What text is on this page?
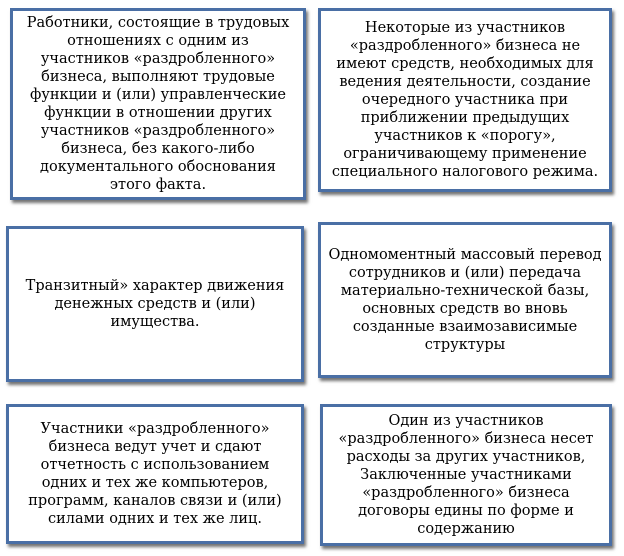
Работники, состоящие в трудовых
отношениях с одним из
участников «раздробленного»
бизнеса, выполняют трудовые
функции и (или) управленческие
функции в отношении других
участников «раздробленного»
бизнеса, без какого-либо
документального обоснования
этого факта.
Некоторые из участников
«раздробленного» бизнеса не
имеют средств, необходимых для
ведения деятельности, создание
очередного участника при
приближении предыдущих
участников к «порогу»,
ограничивающему применение
специального налогового режима.
Транзитный» характер движения
денежных средств и (или)
имущества.
Одномоментный массовый перевод
сотрудников и (или) передача
материально-технической базы,
основных средств во вновь
созданные взаимозависимые
структуры
Участники «раздробленного»
бизнеса ведут учет и сдают
отчетность с использованием
одних и тех же компьютеров,
программ, каналов связи и (или)
силами одних и тех же лиц.
Один из участников
«раздробленного» бизнеса несет
расходы за других участников,
Заключенные участниками
«раздробленного» бизнеса
договоры едины по форме и
содержанию
